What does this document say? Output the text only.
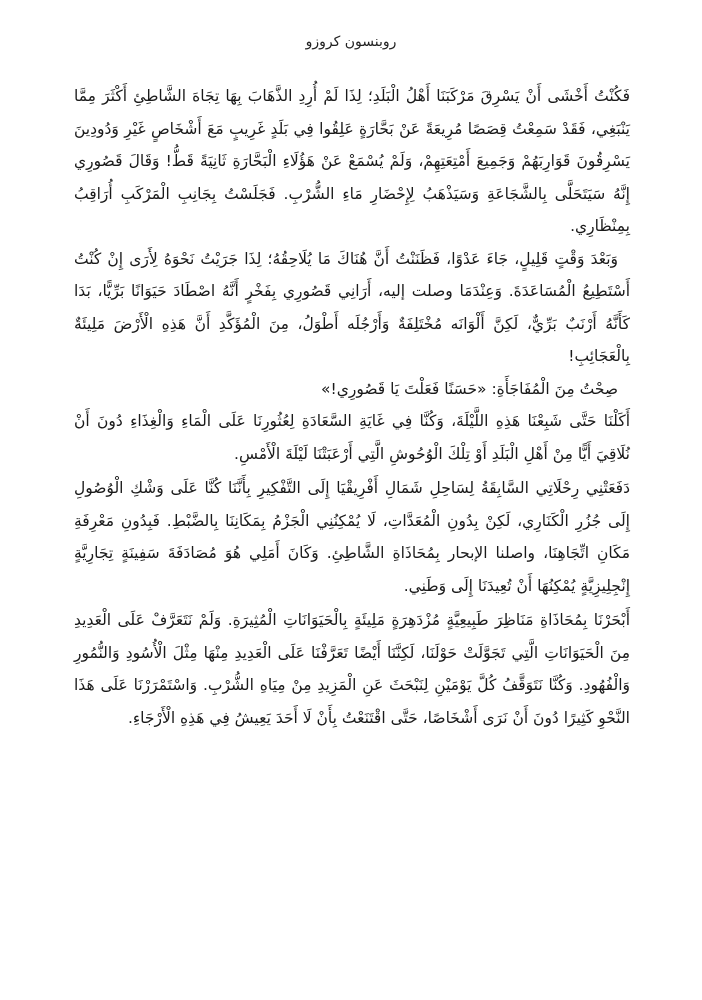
روبنسون كروزو

فَكُنْتُ أَخْشَى أَنْ يَسْرِقَ مَرْكَبَنَا أَهْلُ الْبَلَدِ؛ لِذَا لَمْ أُرِدِ الذَّهَابَ بِهَا تِجَاهَ الشَّاطِئِ أَكْثَرَ مِمَّا يَنْبَغِي، فَقَدْ سَمِعْتُ قِصَصًا مُرِيعَةً عَنْ بَحَّارَةٍ عَلِقُوا فِي بَلَدٍ غَرِيبٍ مَعَ أَشْخَاصٍ غَيْرِ وَدُودِينَ يَسْرِقُونَ قَوَارِبَهُمْ وَجَمِيعَ أَمْتِعَتِهِمْ، وَلَمْ يُسْمَعْ عَنْ هَؤُلَاءِ الْبَحَّارَةِ ثَانِيَةً قَطُّ! وَقَالَ قَصُورِي إِنَّهُ سَيَتَحَلَّى بِالشَّجَاعَةِ وَسَيَذْهَبُ لِإِحْضَارِ مَاءِ الشُّرْبِ. فَجَلَسْتُ بِجَانِبِ الْمَرْكَبِ أُرَاقِبُ بِمِنْظَارِي.

وَبَعْدَ وَقْتٍ قَلِيلٍ، جَاءَ عَدْوًا، فَظَنَنْتُ أَنَّ هُنَاكَ مَا يُلَاحِقُهُ؛ لِذَا جَرَيْتُ نَحْوَهُ لِأَرَى إِنْ كُنْتُ أَسْتَطِيعُ الْمُسَاعَدَةَ. وَعِنْدَمَا وصلت إليه، أَرَانِي قَصُورِي بِفَخْرٍ أَنَّهُ اصْطَادَ حَيَوَانًا بَرِّيًّا، بَدَا كَأَنَّهُ أَرْنَبٌ بَرِّيٌّ، لَكِنَّ أَلْوَانَه مُخْتَلِفَةٌ وَأَرْجُلَه أَطْوَلُ، مِنَ الْمُؤَكَّدِ أَنَّ هَذِهِ الْأَرْضَ مَلِيئَةٌ بِالْعَجَائِبِ!

صِحْتُ مِنَ الْمُفَاجَأَةِ: «حَسَنًا فَعَلْتَ يَا قَصُورِي!»

أَكَلْنَا حَتَّى شَبِعْنَا هَذِهِ اللَّيْلَةَ، وَكُنَّا فِي غَايَةِ السَّعَادَةِ لِعُثُورِنَا عَلَى الْمَاءِ وَالْغِذَاءِ دُونَ أَنْ نُلَاقِيَ أَيًّا مِنْ أَهْلِ الْبَلَدِ أَوْ تِلْكَ الْوُحُوشِ الَّتِي أَرْعَبَتْنَا لَيْلَةَ الْأَمْسِ.

دَفَعَتْنِي رِحْلَاتِي السَّابِقَةُ لِسَاحِلِ شَمَالِ أَفْرِيقْيَا إِلَى التَّفْكِيرِ بِأَنَّنَا كُنَّا عَلَى وَشْكِ الْوُصُولِ إِلَى جُزُرِ الْكَنَارِي، لَكِنْ بِدُونِ الْمُعَدَّاتِ، لَا يُمْكِنُنِي الْجَزْمُ بِمَكَانِنَا بِالضَّبْطِ. فَبِدُونِ مَعْرِفَةِ مَكَانِ اتِّجَاهِنَا، واصلنا الإبحار بِمُحَاذَاةِ الشَّاطِئِ. وَكَانَ أَمَلِي هُوَ مُصَادَفَةَ سَفِينَةٍ تِجَارِيَّةٍ إِنْجِلِيزِيَّةٍ يُمْكِنُهَا أَنْ تُعِيدَنَا إِلَى وَطَنِي.

أَبْحَرْنَا بِمُحَاذَاةِ مَنَاظِرَ طَبِيعِيَّةٍ مُزْدَهِرَةٍ مَلِيئَةٍ بِالْحَيَوَانَاتِ الْمُثِيرَةِ. وَلَمْ نَتَعَرَّفْ عَلَى الْعَدِيدِ مِنَ الْحَيَوَانَاتِ الَّتِي تَجَوَّلَتْ حَوْلَنَا، لَكِنَّنَا أَيْضًا تَعَرَّفْنَا عَلَى الْعَدِيدِ مِنْهَا مِثْلَ الْأُسُودِ وَالنُّمُورِ وَالْفُهُودِ. وَكُنَّا نَتَوَقَّفُ كُلَّ يَوْمَيْنِ لِنَبْحَثَ عَنِ الْمَزِيدِ مِنْ مِيَاهِ الشُّرْبِ. وَاسْتَمْرَرْنَا عَلَى هَذَا النَّحْوِ كَثِيرًا دُونَ أَنْ نَرَى أَشْخَاصًا، حَتَّى اقْتَنَعْتُ بِأَنْ لَا أَحَدَ يَعِيشُ فِي هَذِهِ الْأَرْجَاءِ.
